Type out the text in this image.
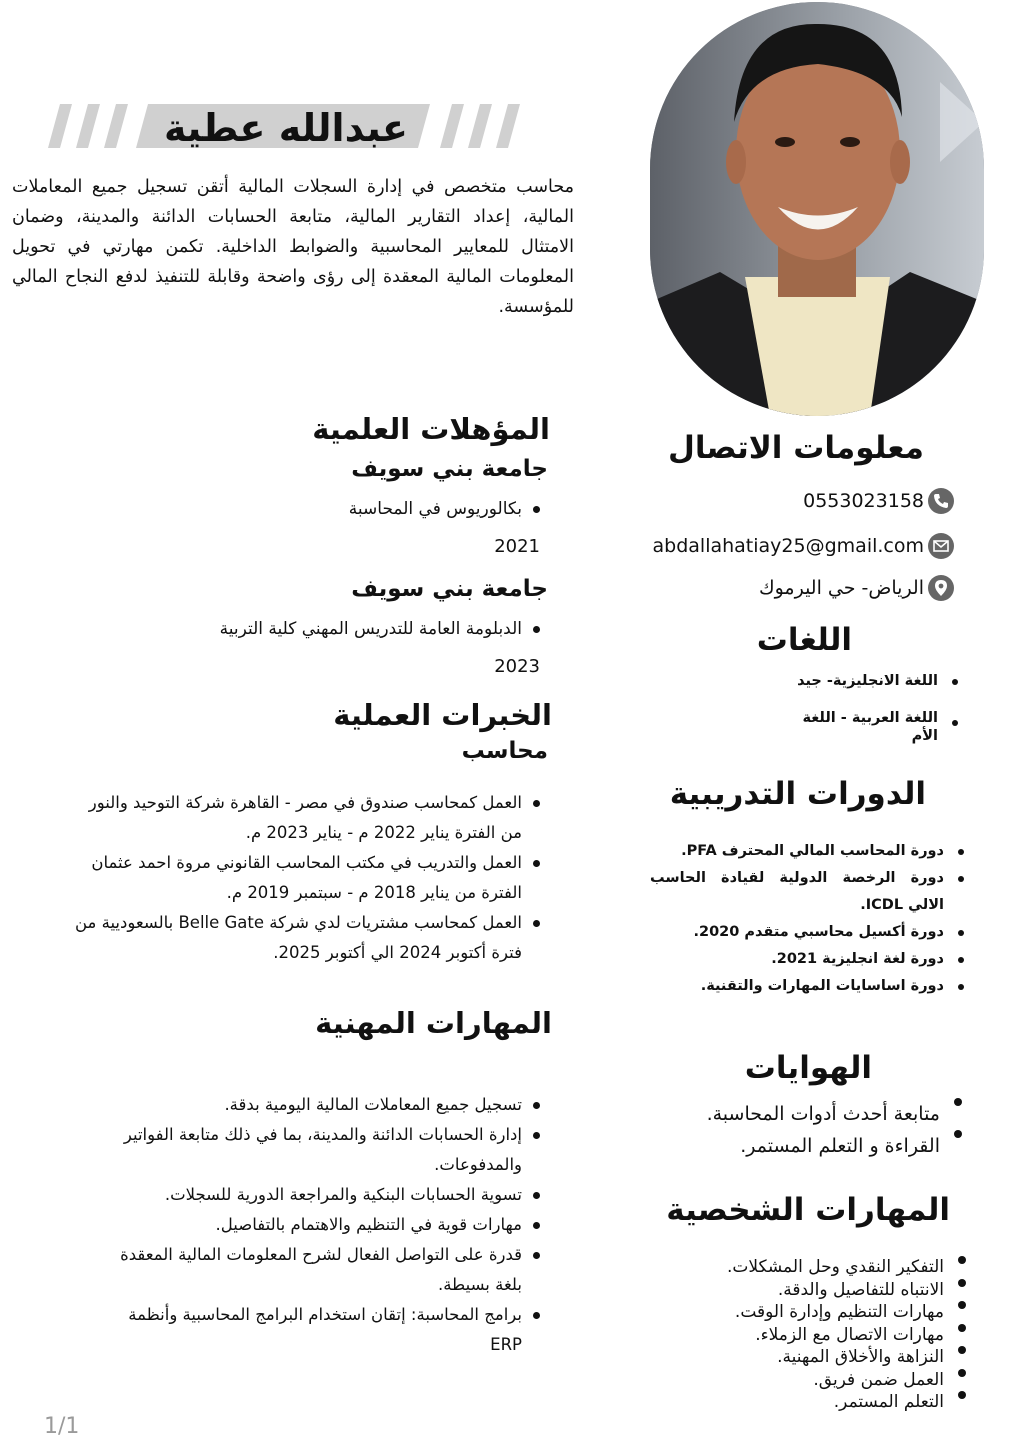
عبدالله عطية
محاسب متخصص في إدارة السجلات المالية أتقن تسجيل جميع المعاملات المالية، إعداد التقارير المالية، متابعة الحسابات الدائنة والمدينة، وضمان الامتثال للمعايير المحاسبية والضوابط الداخلية. تكمن مهارتي في تحويل المعلومات المالية المعقدة إلى رؤى واضحة وقابلة للتنفيذ لدفع النجاح المالي للمؤسسة.
معلومات الاتصال
0553023158
abdallahatiay25@gmail.com
الرياض- حي اليرموك
اللغات
اللغة الانجليزية- جيد
اللغة العربية - اللغة الأم
الدورات التدريبية
دورة المحاسب المالي المحترف PFA.
دورة الرخصة الدولية لقيادة الحاسب الالي ICDL.
دورة أكسيل محاسبي متقدم 2020.
دورة لغة انجليزية 2021.
دورة اساسايات المهارات والتقنية.
الهوايات
متابعة أحدث أدوات المحاسبة.
القراءة و التعلم المستمر.
المهارات الشخصية
التفكير النقدي وحل المشكلات.
الانتباه للتفاصيل والدقة.
مهارات التنظيم وإدارة الوقت.
مهارات الاتصال مع الزملاء.
النزاهة والأخلاق المهنية.
العمل ضمن فريق.
التعلم المستمر.
المؤهلات العلمية
جامعة بني سويف
بكالوريوس في المحاسبة
2021
جامعة بني سويف
الدبلومة العامة للتدريس المهني كلية التربية
2023
الخبرات العملية
محاسب
العمل كمحاسب صندوق في مصر - القاهرة شركة التوحيد والنور من الفترة يناير 2022 م - يناير 2023 م.
العمل والتدريب في مكتب المحاسب القانوني مروة احمد عثمان الفترة من يناير 2018 م - سبتمبر 2019 م.
العمل كمحاسب مشتريات لدي شركة Belle Gate بالسعوديية من فترة أكتوبر 2024 الي أكتوبر 2025.
المهارات المهنية
تسجيل جميع المعاملات المالية اليومية بدقة.
إدارة الحسابات الدائنة والمدينة، بما في ذلك متابعة الفواتير والمدفوعات.
تسوية الحسابات البنكية والمراجعة الدورية للسجلات.
مهارات قوية في التنظيم والاهتمام بالتفاصيل.
قدرة على التواصل الفعال لشرح المعلومات المالية المعقدة بلغة بسيطة.
برامج المحاسبة: إتقان استخدام البرامج المحاسبية وأنظمة ERP
1/1
